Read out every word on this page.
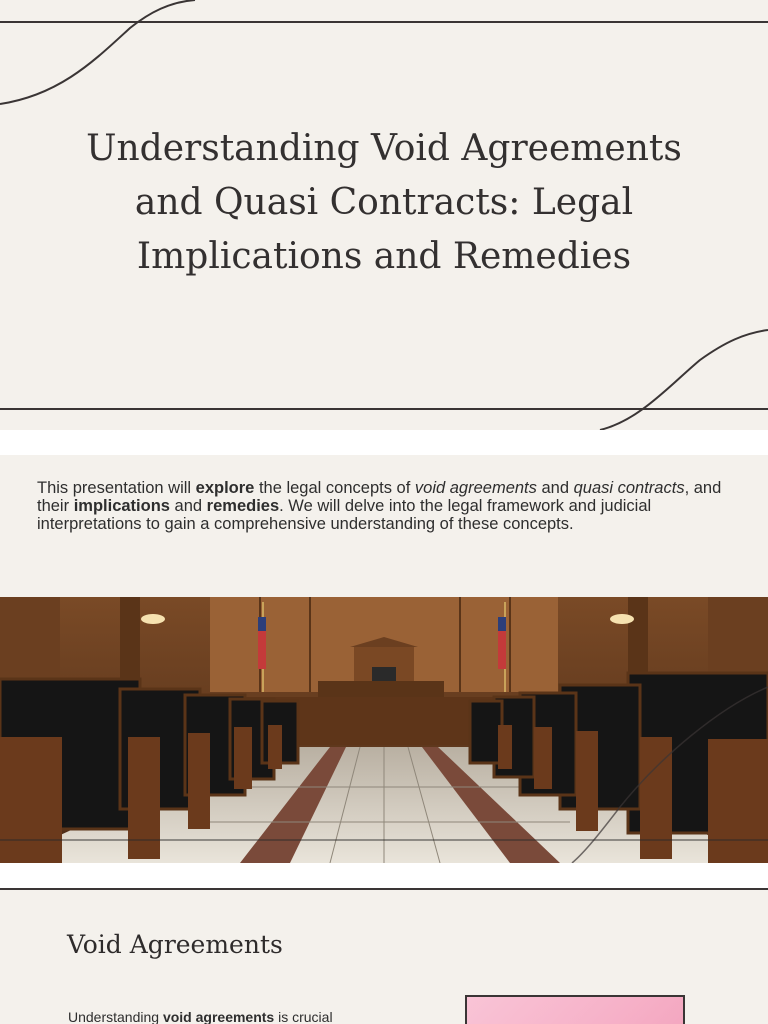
Understanding Void Agreements and Quasi Contracts: Legal Implications and Remedies

This presentation will explore the legal concepts of void agreements and quasi contracts, and their implications and remedies. We will delve into the legal framework and judicial interpretations to gain a comprehensive understanding of these concepts.

Void Agreements

Understanding void agreements is crucial
